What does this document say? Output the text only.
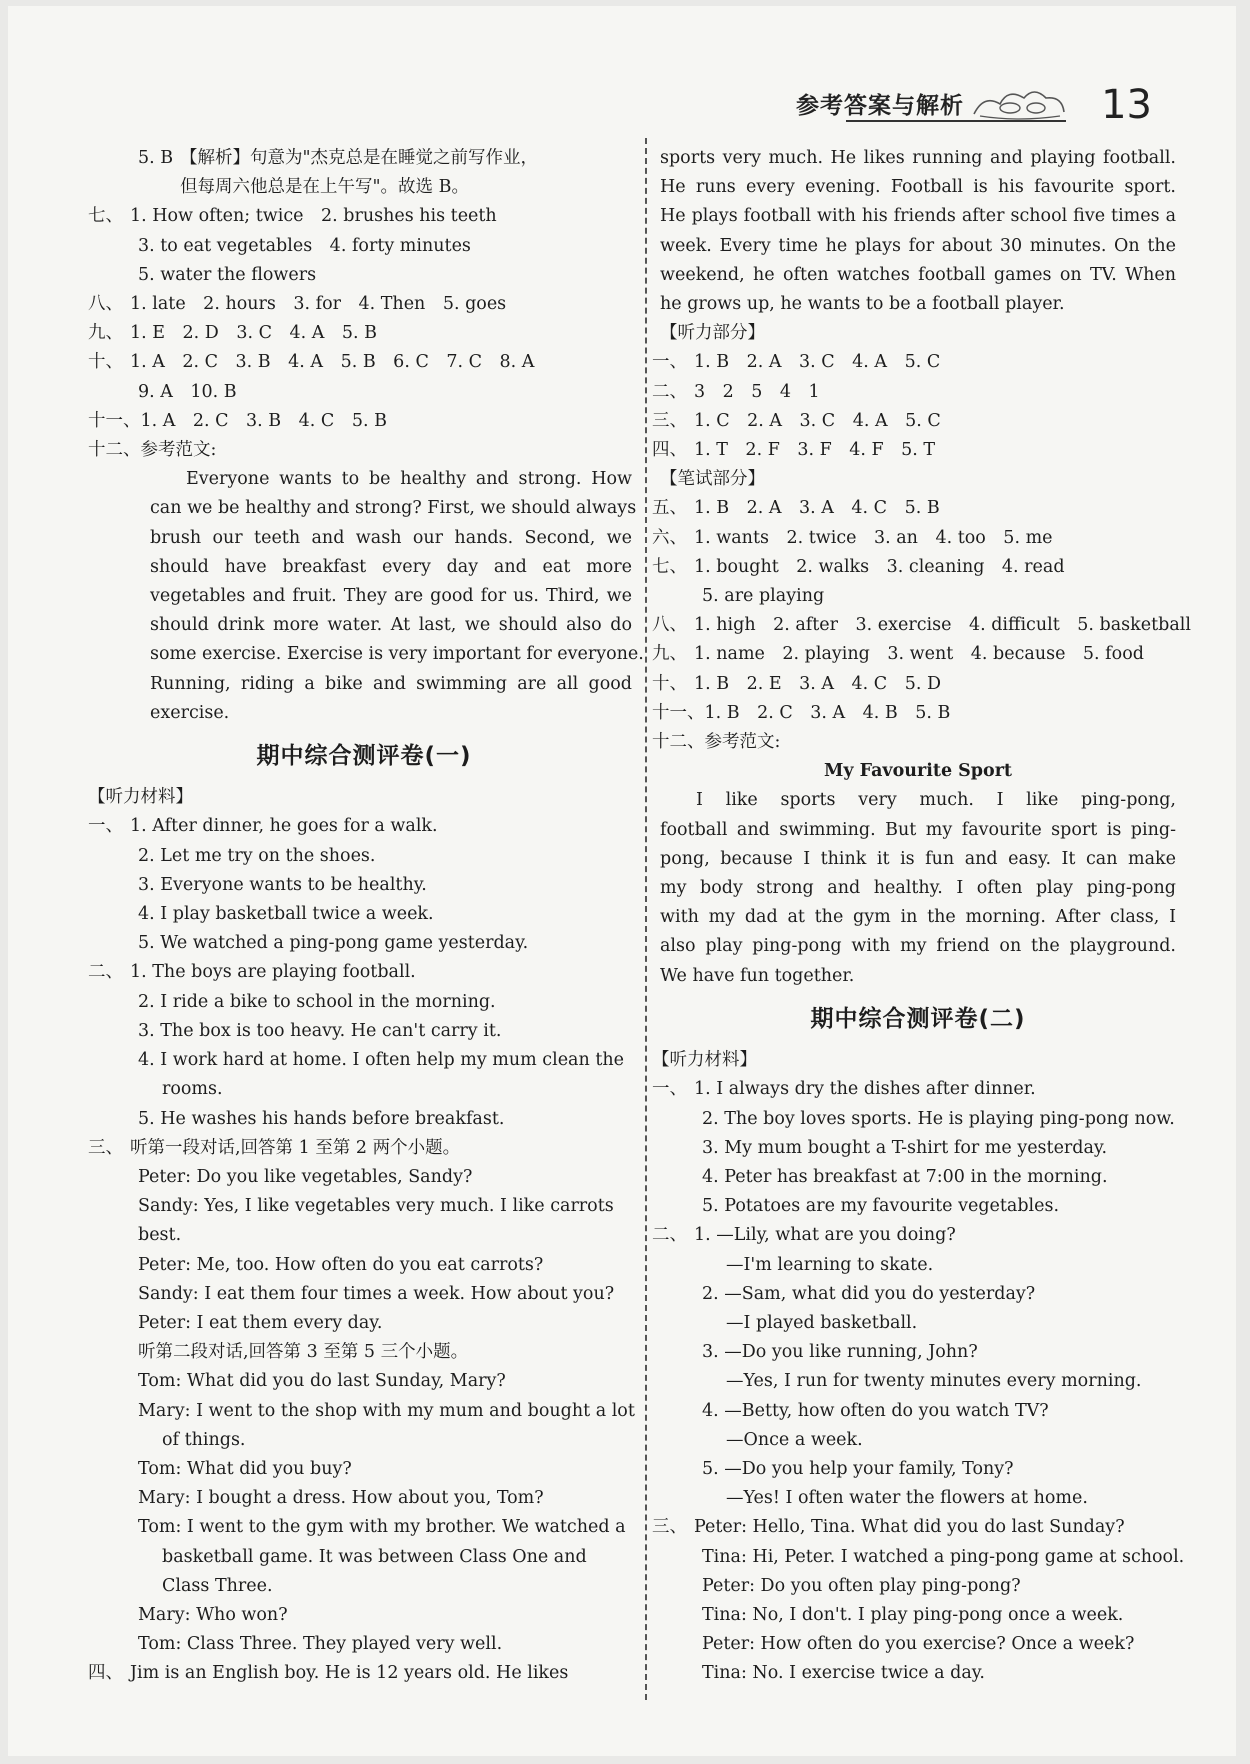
参考答案与解析	13
5. B 【解析】句意为"杰克总是在睡觉之前写作业，
但每周六他总是在上午写"。故选 B。
七、 1. How often; twice　2. brushes his teeth
3. to eat vegetables　4. forty minutes
5. water the flowers
八、 1. late　2. hours　3. for　4. Then　5. goes
九、 1. E　2. D　3. C　4. A　5. B
十、 1. A　2. C　3. B　4. A　5. B　6. C　7. C　8. A
9. A　10. B
十一、1. A　2. C　3. B　4. C　5. B
十二、参考范文:
Everyone wants to be healthy and strong. How
can we be healthy and strong? First, we should always
brush our teeth and wash our hands. Second, we
should have breakfast every day and eat more
vegetables and fruit. They are good for us. Third, we
should drink more water. At last, we should also do
some exercise. Exercise is very important for everyone.
Running, riding a bike and swimming are all good
exercise.
期中综合测评卷(一)
【听力材料】
一、 1. After dinner, he goes for a walk.
2. Let me try on the shoes.
3. Everyone wants to be healthy.
4. I play basketball twice a week.
5. We watched a ping-pong game yesterday.
二、 1. The boys are playing football.
2. I ride a bike to school in the morning.
3. The box is too heavy. He can't carry it.
4. I work hard at home. I often help my mum clean the
rooms.
5. He washes his hands before breakfast.
三、 听第一段对话,回答第 1 至第 2 两个小题。
Peter: Do you like vegetables, Sandy?
Sandy: Yes, I like vegetables very much. I like carrots
best.
Peter: Me, too. How often do you eat carrots?
Sandy: I eat them four times a week. How about you?
Peter: I eat them every day.
听第二段对话,回答第 3 至第 5 三个小题。
Tom: What did you do last Sunday, Mary?
Mary: I went to the shop with my mum and bought a lot
of things.
Tom: What did you buy?
Mary: I bought a dress. How about you, Tom?
Tom: I went to the gym with my brother. We watched a
basketball game. It was between Class One and
Class Three.
Mary: Who won?
Tom: Class Three. They played very well.
四、 Jim is an English boy. He is 12 years old. He likes
sports very much. He likes running and playing football.
He runs every evening. Football is his favourite sport.
He plays football with his friends after school five times a
week. Every time he plays for about 30 minutes. On the
weekend, he often watches football games on TV. When
he grows up, he wants to be a football player.
【听力部分】
一、 1. B　2. A　3. C　4. A　5. C
二、 3　2　5　4　1
三、 1. C　2. A　3. C　4. A　5. C
四、 1. T　2. F　3. F　4. F　5. T
【笔试部分】
五、 1. B　2. A　3. A　4. C　5. B
六、 1. wants　2. twice　3. an　4. too　5. me
七、 1. bought　2. walks　3. cleaning　4. read
5. are playing
八、 1. high　2. after　3. exercise　4. difficult　5. basketball
九、 1. name　2. playing　3. went　4. because　5. food
十、 1. B　2. E　3. A　4. C　5. D
十一、1. B　2. C　3. A　4. B　5. B
十二、参考范文:
My Favourite Sport
I like sports very much. I like ping-pong,
football and swimming. But my favourite sport is ping-
pong, because I think it is fun and easy. It can make
my body strong and healthy. I often play ping-pong
with my dad at the gym in the morning. After class, I
also play ping-pong with my friend on the playground.
We have fun together.
期中综合测评卷(二)
【听力材料】
一、 1. I always dry the dishes after dinner.
2. The boy loves sports. He is playing ping-pong now.
3. My mum bought a T-shirt for me yesterday.
4. Peter has breakfast at 7:00 in the morning.
5. Potatoes are my favourite vegetables.
二、 1. —Lily, what are you doing?
—I'm learning to skate.
2. —Sam, what did you do yesterday?
—I played basketball.
3. —Do you like running, John?
—Yes, I run for twenty minutes every morning.
4. —Betty, how often do you watch TV?
—Once a week.
5. —Do you help your family, Tony?
—Yes! I often water the flowers at home.
三、 Peter: Hello, Tina. What did you do last Sunday?
Tina: Hi, Peter. I watched a ping-pong game at school.
Peter: Do you often play ping-pong?
Tina: No, I don't. I play ping-pong once a week.
Peter: How often do you exercise? Once a week?
Tina: No. I exercise twice a day.
